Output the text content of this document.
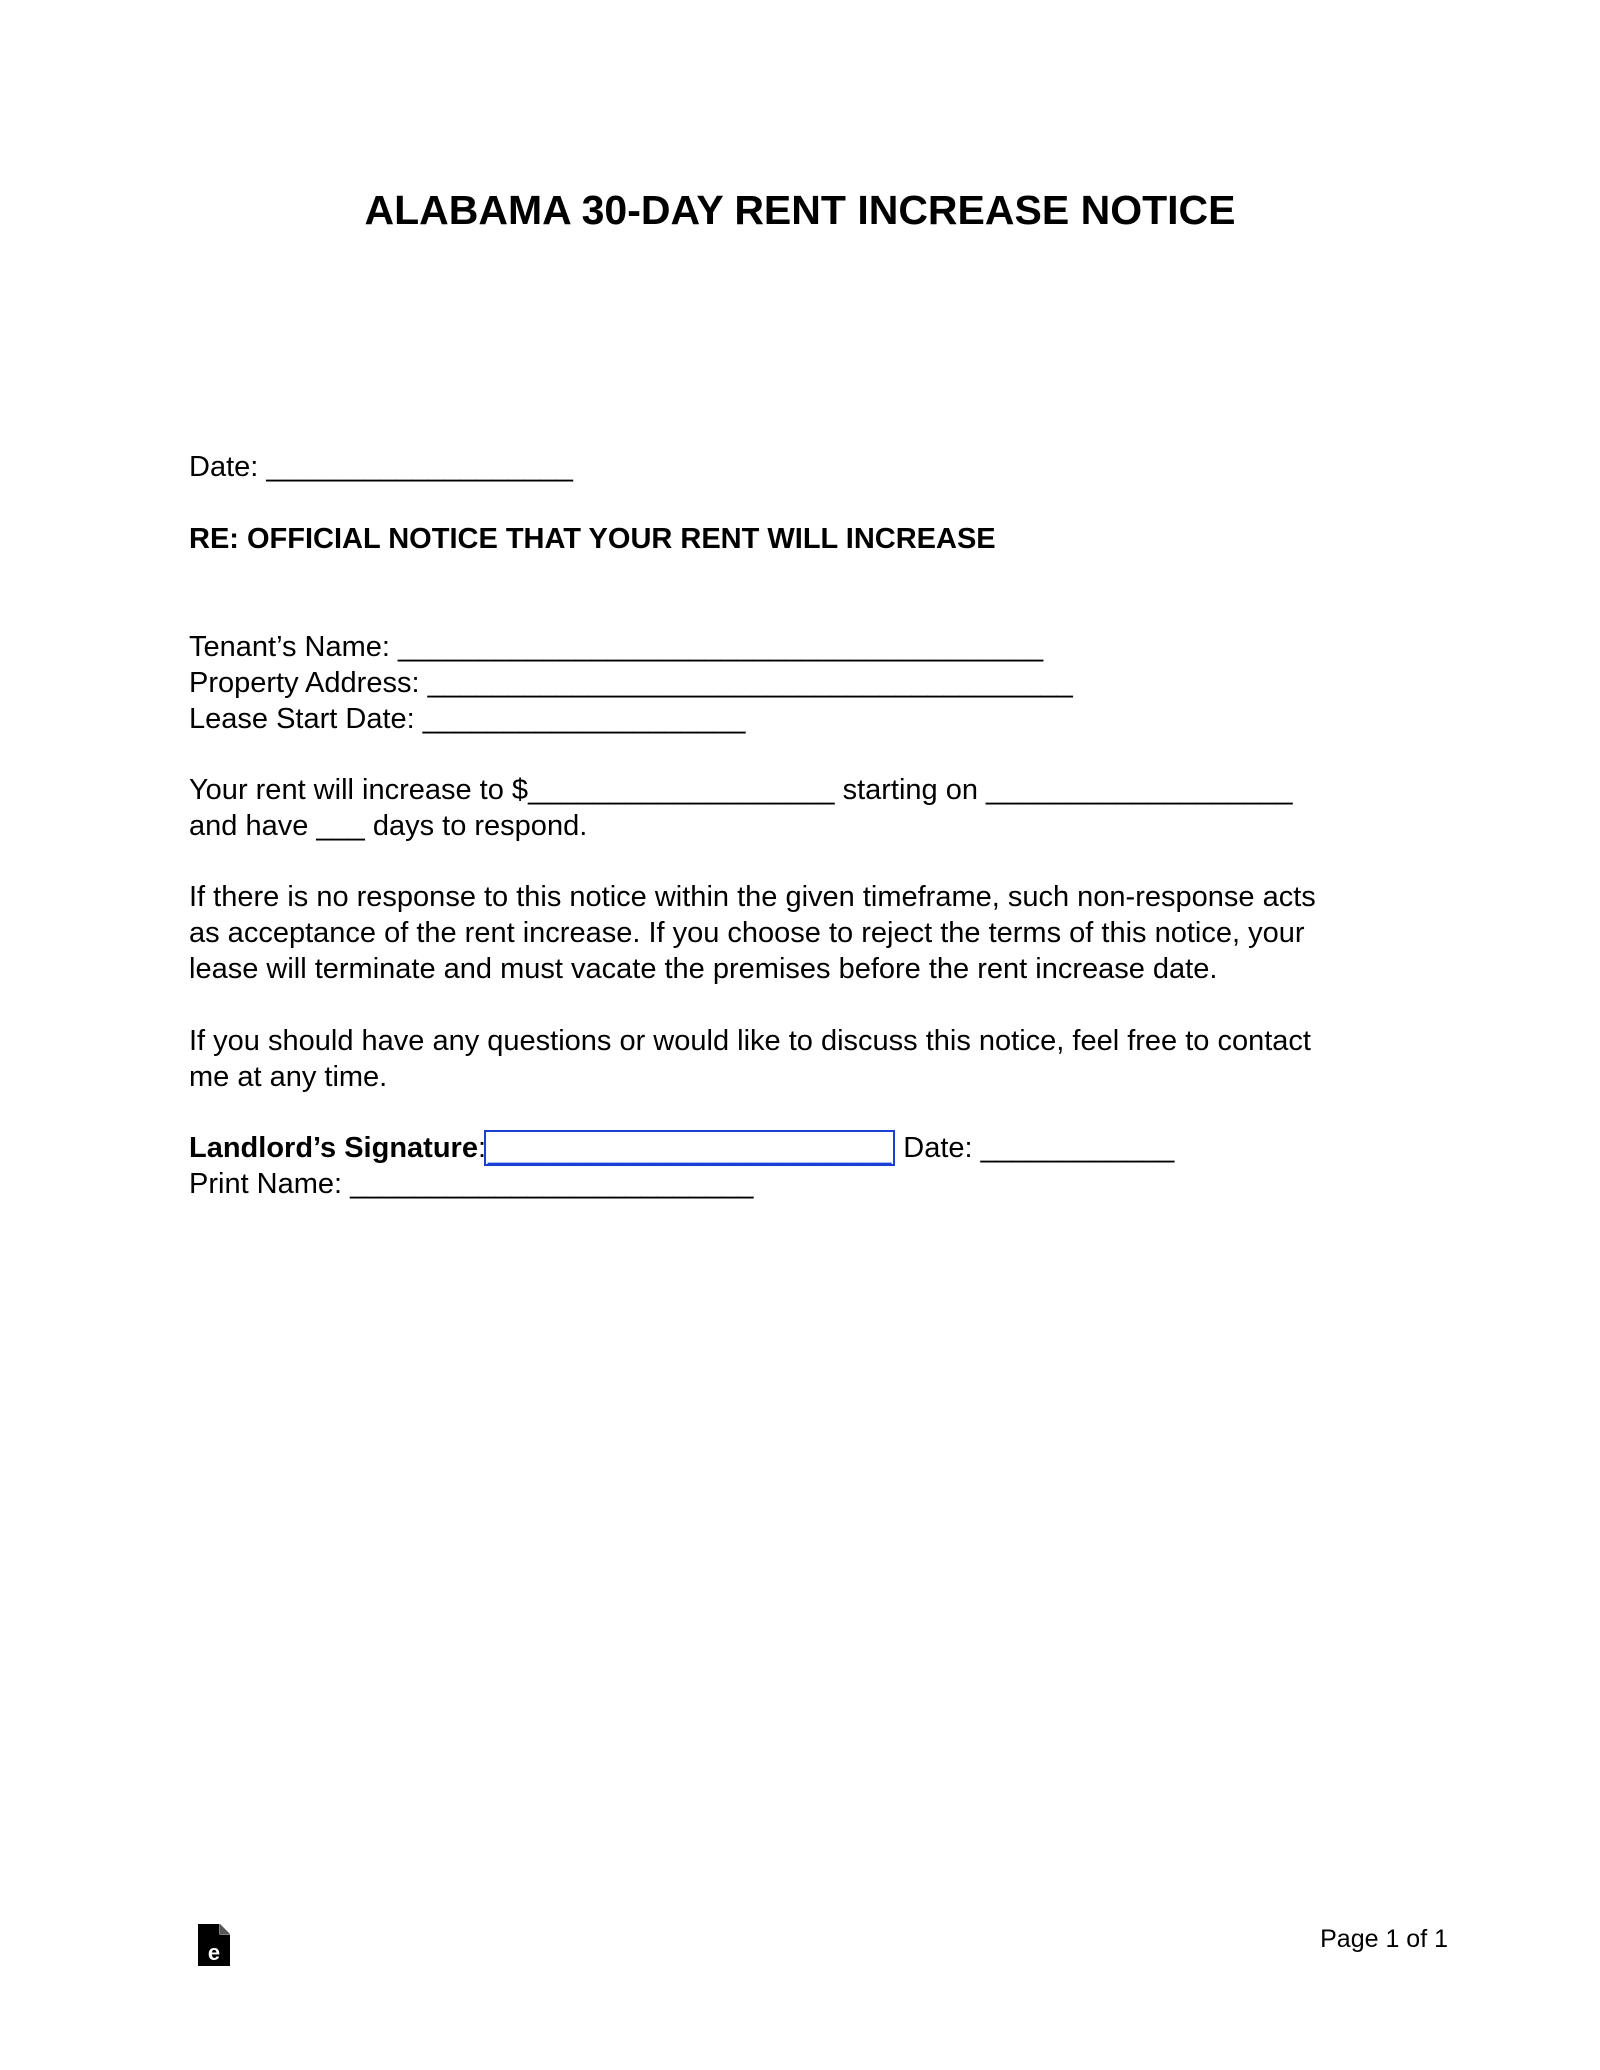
ALABAMA 30-DAY RENT INCREASE NOTICE
Date: ___________________
RE: OFFICIAL NOTICE THAT YOUR RENT WILL INCREASE

Tenant’s Name: ________________________________________
Property Address: ________________________________________
Lease Start Date: ____________________

Your rent will increase to $___________________ starting on ___________________
and have ___ days to respond.

If there is no response to this notice within the given timeframe, such non-response acts
as acceptance of the rent increase. If you choose to reject the terms of this notice, your
lease will terminate and must vacate the premises before the rent increase date.

If you should have any questions or would like to discuss this notice, feel free to contact
me at any time.

Landlord’s Signature:_________________________ Date: ____________
Print Name: _________________________

e	Page 1 of 1
